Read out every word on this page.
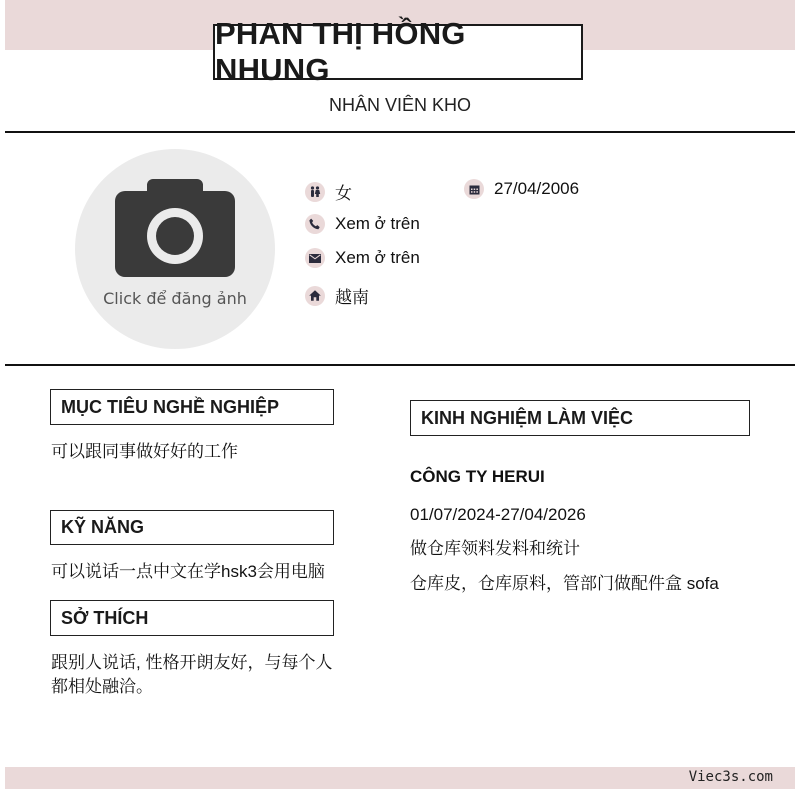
PHAN THỊ HỒNG NHUNG
NHÂN VIÊN KHO
Click để đăng ảnh
女	27/04/2006
Xem ở trên
Xem ở trên
越南
MỤC TIÊU NGHỀ NGHIỆP
可以跟同事做好好的工作
KỸ NĂNG
可以说话一点中文在学hsk3会用电脑
SỞ THÍCH
跟别人说话, 性格开朗友好，与每个人
都相处融洽。
KINH NGHIỆM LÀM VIỆC
CÔNG TY HERUI
01/07/2024-27/04/2026
做仓库领料发料和统计
仓库皮，仓库原料，管部门做配件盒 sofa
Viec3s.com
